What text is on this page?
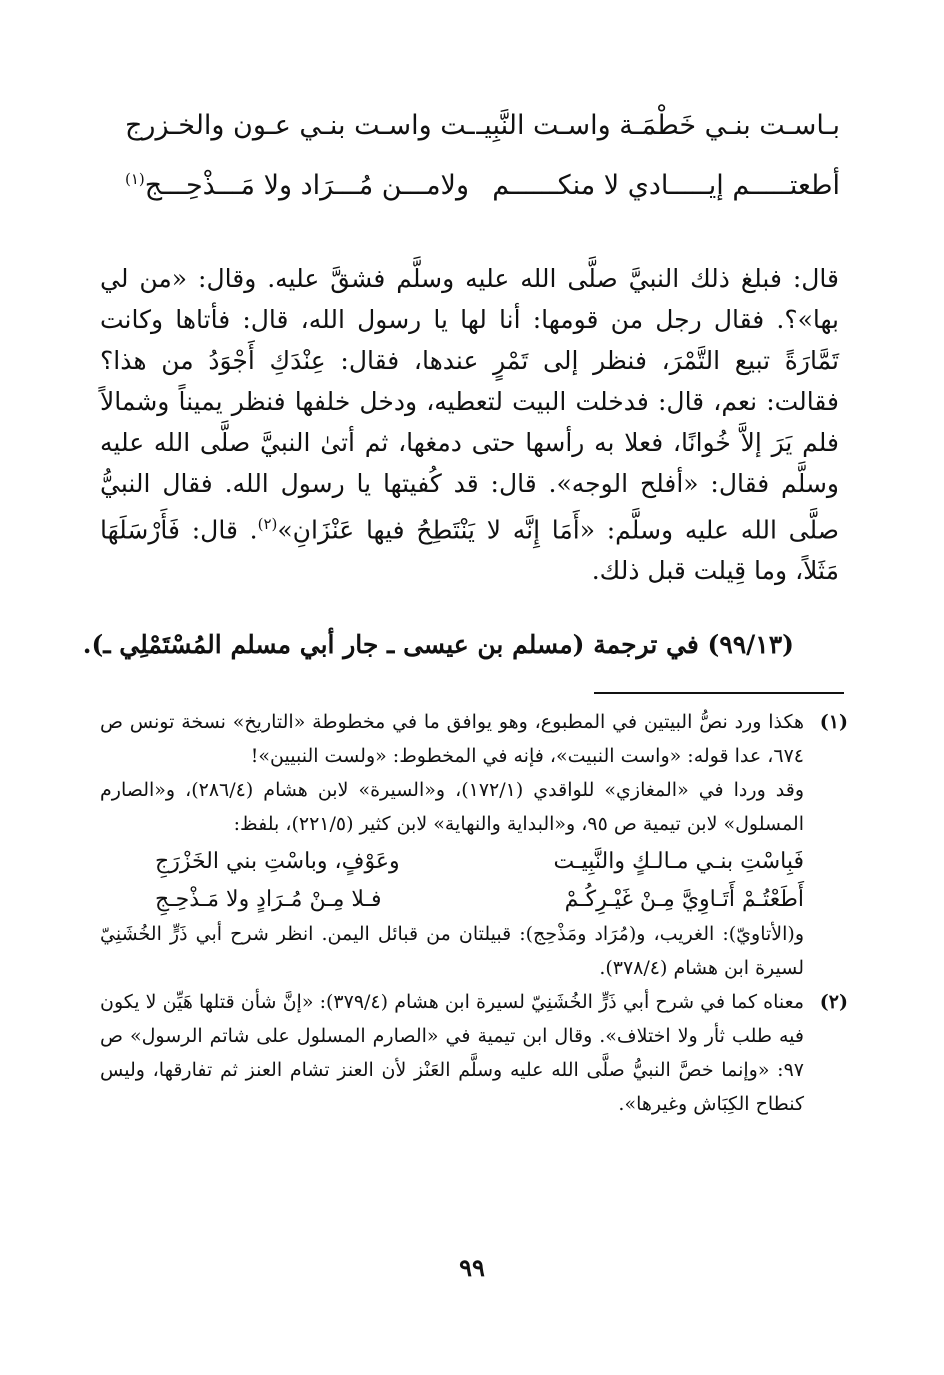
بـاسـت بنـي خَطْمَـة واسـت النَّبِيـ
ـت واسـت بنـي عـون والخـزرج
أطعتـــــم إيـــــادي لا منكــــــم
ولامـــن مُـــرَاد ولا مَـــذْحِـــج$^{(١)}$

قال: فبلغ ذلك النبيَّ صلَّى الله عليه وسلَّم فشقَّ عليه. وقال: «من لي بها»؟. فقال رجل من قومها: أنا لها يا رسول الله، قال: فأتاها وكانت تَمَّارَةً تبيع التَّمْرَ، فنظر إلى تَمْرٍ عندها، فقال: عِنْدَكِ أَجْوَدُ من هذا؟ فقالت: نعم، قال: فدخلت البيت لتعطيه، ودخل خلفها فنظر يميناً وشمالاً فلم يَرَ إلاَّ خُوانًا، فعلا به رأسها حتى دمغها، ثم أتىٰ النبيَّ صلَّى الله عليه وسلَّم فقال: «أفلح الوجه». قال: قد كُفيتها يا رسول الله. فقال النبيُّ صلَّى الله عليه وسلَّم: «أَمَا إِنَّه لا يَنْتَطِحُ فيها عَنْزَانِ»$^{(٢)}$. قال: فَأَرْسَلَهَا مَثَلاً، وما قِيلت قبل ذلك.

(٩٩/١٣) في ترجمة (مسلم بن عيسى ـ جار أبي مسلم المُسْتَمْلِي ـ).
(١)

هكذا ورد نصُّ البيتين في المطبوع، وهو يوافق ما في مخطوطة «التاريخ» نسخة تونس ص ٦٧٤، عدا قوله: «واست النبيت»، فإنه في المخطوط: «ولست النبيين»!

وقد وردا في «المغازي» للواقدي (١٧٢/١)، و«السيرة» لابن هشام (٢٨٦/٤)، و«الصارم المسلول» لابن تيمية ص ٩٥، و«البداية والنهاية» لابن كثير (٢٢١/٥)، بلفظ:

فَبِاسْتِ بنـي مـالـكٍ والنَّبِيـت
وعَوْفٍ، وباسْتِ بني الخَزْرَجِ
أَطَعْتُـمْ أَتَـاوِيَّ مِـنْ غَيْـرِكُـمْ
فـلا مِـنْ مُـرَادٍ ولا مَـذْحِـجِ

و(الأتاويّ): الغريب، و(مُرَاد ومَذْحِج): قبيلتان من قبائل اليمن. انظر شرح أبي ذَرٍّ الخُشَنِيّ لسيرة ابن هشام (٣٧٨/٤).

(٢)

معناه كما في شرح أبي ذَرٍّ الخُشَنِيّ لسيرة ابن هشام (٣٧٩/٤): «إنَّ شأن قتلها هَيِّن لا يكون فيه طلب ثأر ولا اختلاف». وقال ابن تيمية في «الصارم المسلول على شاتم الرسول» ص ٩٧: «وإنما خصَّ النبيُّ صلَّى الله عليه وسلَّم العَنْز لأن العنز تشام العنز ثم تفارقها، وليس كنطاح الكِبَاش وغيرها».

٩٩
